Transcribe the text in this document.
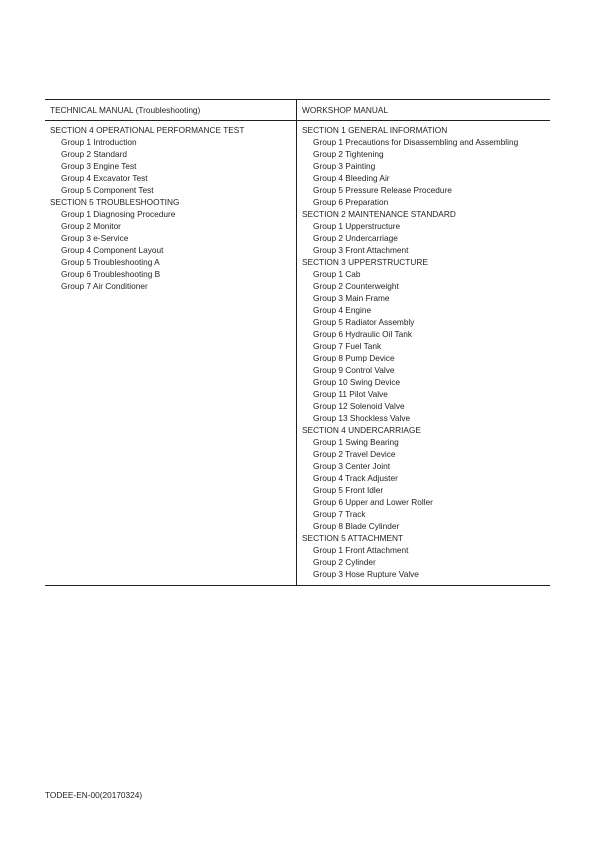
TECHNICAL MANUAL (Troubleshooting)	WORKSHOP MANUAL
SECTION 4 OPERATIONAL PERFORMANCE TEST
Group 1 Introduction
Group 2 Standard
Group 3 Engine Test
Group 4 Excavator Test
Group 5 Component Test
SECTION 5 TROUBLESHOOTING
Group 1 Diagnosing Procedure
Group 2 Monitor
Group 3 e-Service
Group 4 Component Layout
Group 5 Troubleshooting A
Group 6 Troubleshooting B
Group 7 Air Conditioner
SECTION 1 GENERAL INFORMATION
Group 1 Precautions for Disassembling and Assembling
Group 2 Tightening
Group 3 Painting
Group 4 Bleeding Air
Group 5 Pressure Release Procedure
Group 6 Preparation
SECTION 2 MAINTENANCE STANDARD
Group 1 Upperstructure
Group 2 Undercarriage
Group 3 Front Attachment
SECTION 3 UPPERSTRUCTURE
Group 1 Cab
Group 2 Counterweight
Group 3 Main Frame
Group 4 Engine
Group 5 Radiator Assembly
Group 6 Hydraulic Oil Tank
Group 7 Fuel Tank
Group 8 Pump Device
Group 9 Control Valve
Group 10 Swing Device
Group 11 Pilot Valve
Group 12 Solenoid Valve
Group 13 Shockless Valve
SECTION 4 UNDERCARRIAGE
Group 1 Swing Bearing
Group 2 Travel Device
Group 3 Center Joint
Group 4 Track Adjuster
Group 5 Front Idler
Group 6 Upper and Lower Roller
Group 7 Track
Group 8 Blade Cylinder
SECTION 5 ATTACHMENT
Group 1 Front Attachment
Group 2 Cylinder
Group 3 Hose Rupture Valve
TODEE-EN-00(20170324)
